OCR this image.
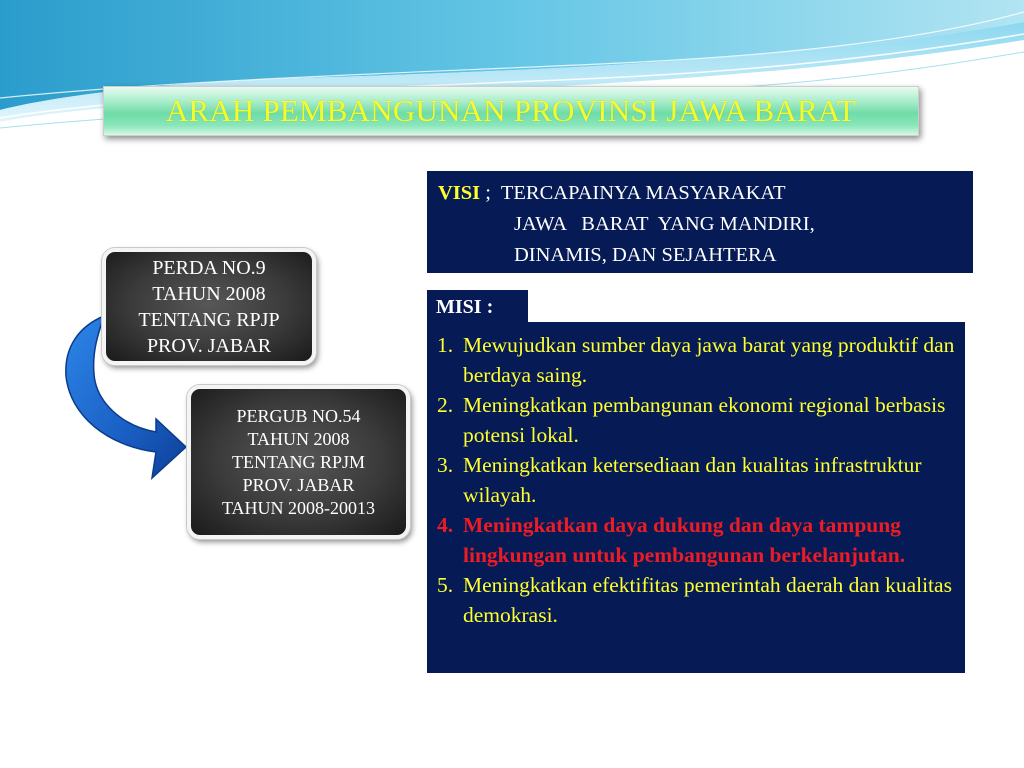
ARAH PEMBANGUNAN PROVINSI JAWA BARAT
PERDA NO.9
TAHUN 2008
TENTANG RPJP
PROV. JABAR
PERGUB NO.54
TAHUN 2008
TENTANG RPJM
PROV. JABAR
TAHUN 2008-20013
VISI ;  TERCAPAINYA MASYARAKAT
JAWA   BARAT  YANG MANDIRI,
DINAMIS, DAN SEJAHTERA
MISI :
1. Mewujudkan sumber daya jawa barat yang produktif dan berdaya saing.
2. Meningkatkan pembangunan ekonomi regional berbasis potensi lokal.
3. Meningkatkan ketersediaan dan kualitas infrastruktur wilayah.
4. Meningkatkan daya dukung dan daya tampung lingkungan untuk pembangunan berkelanjutan.
5. Meningkatkan efektifitas pemerintah daerah dan kualitas demokrasi.
